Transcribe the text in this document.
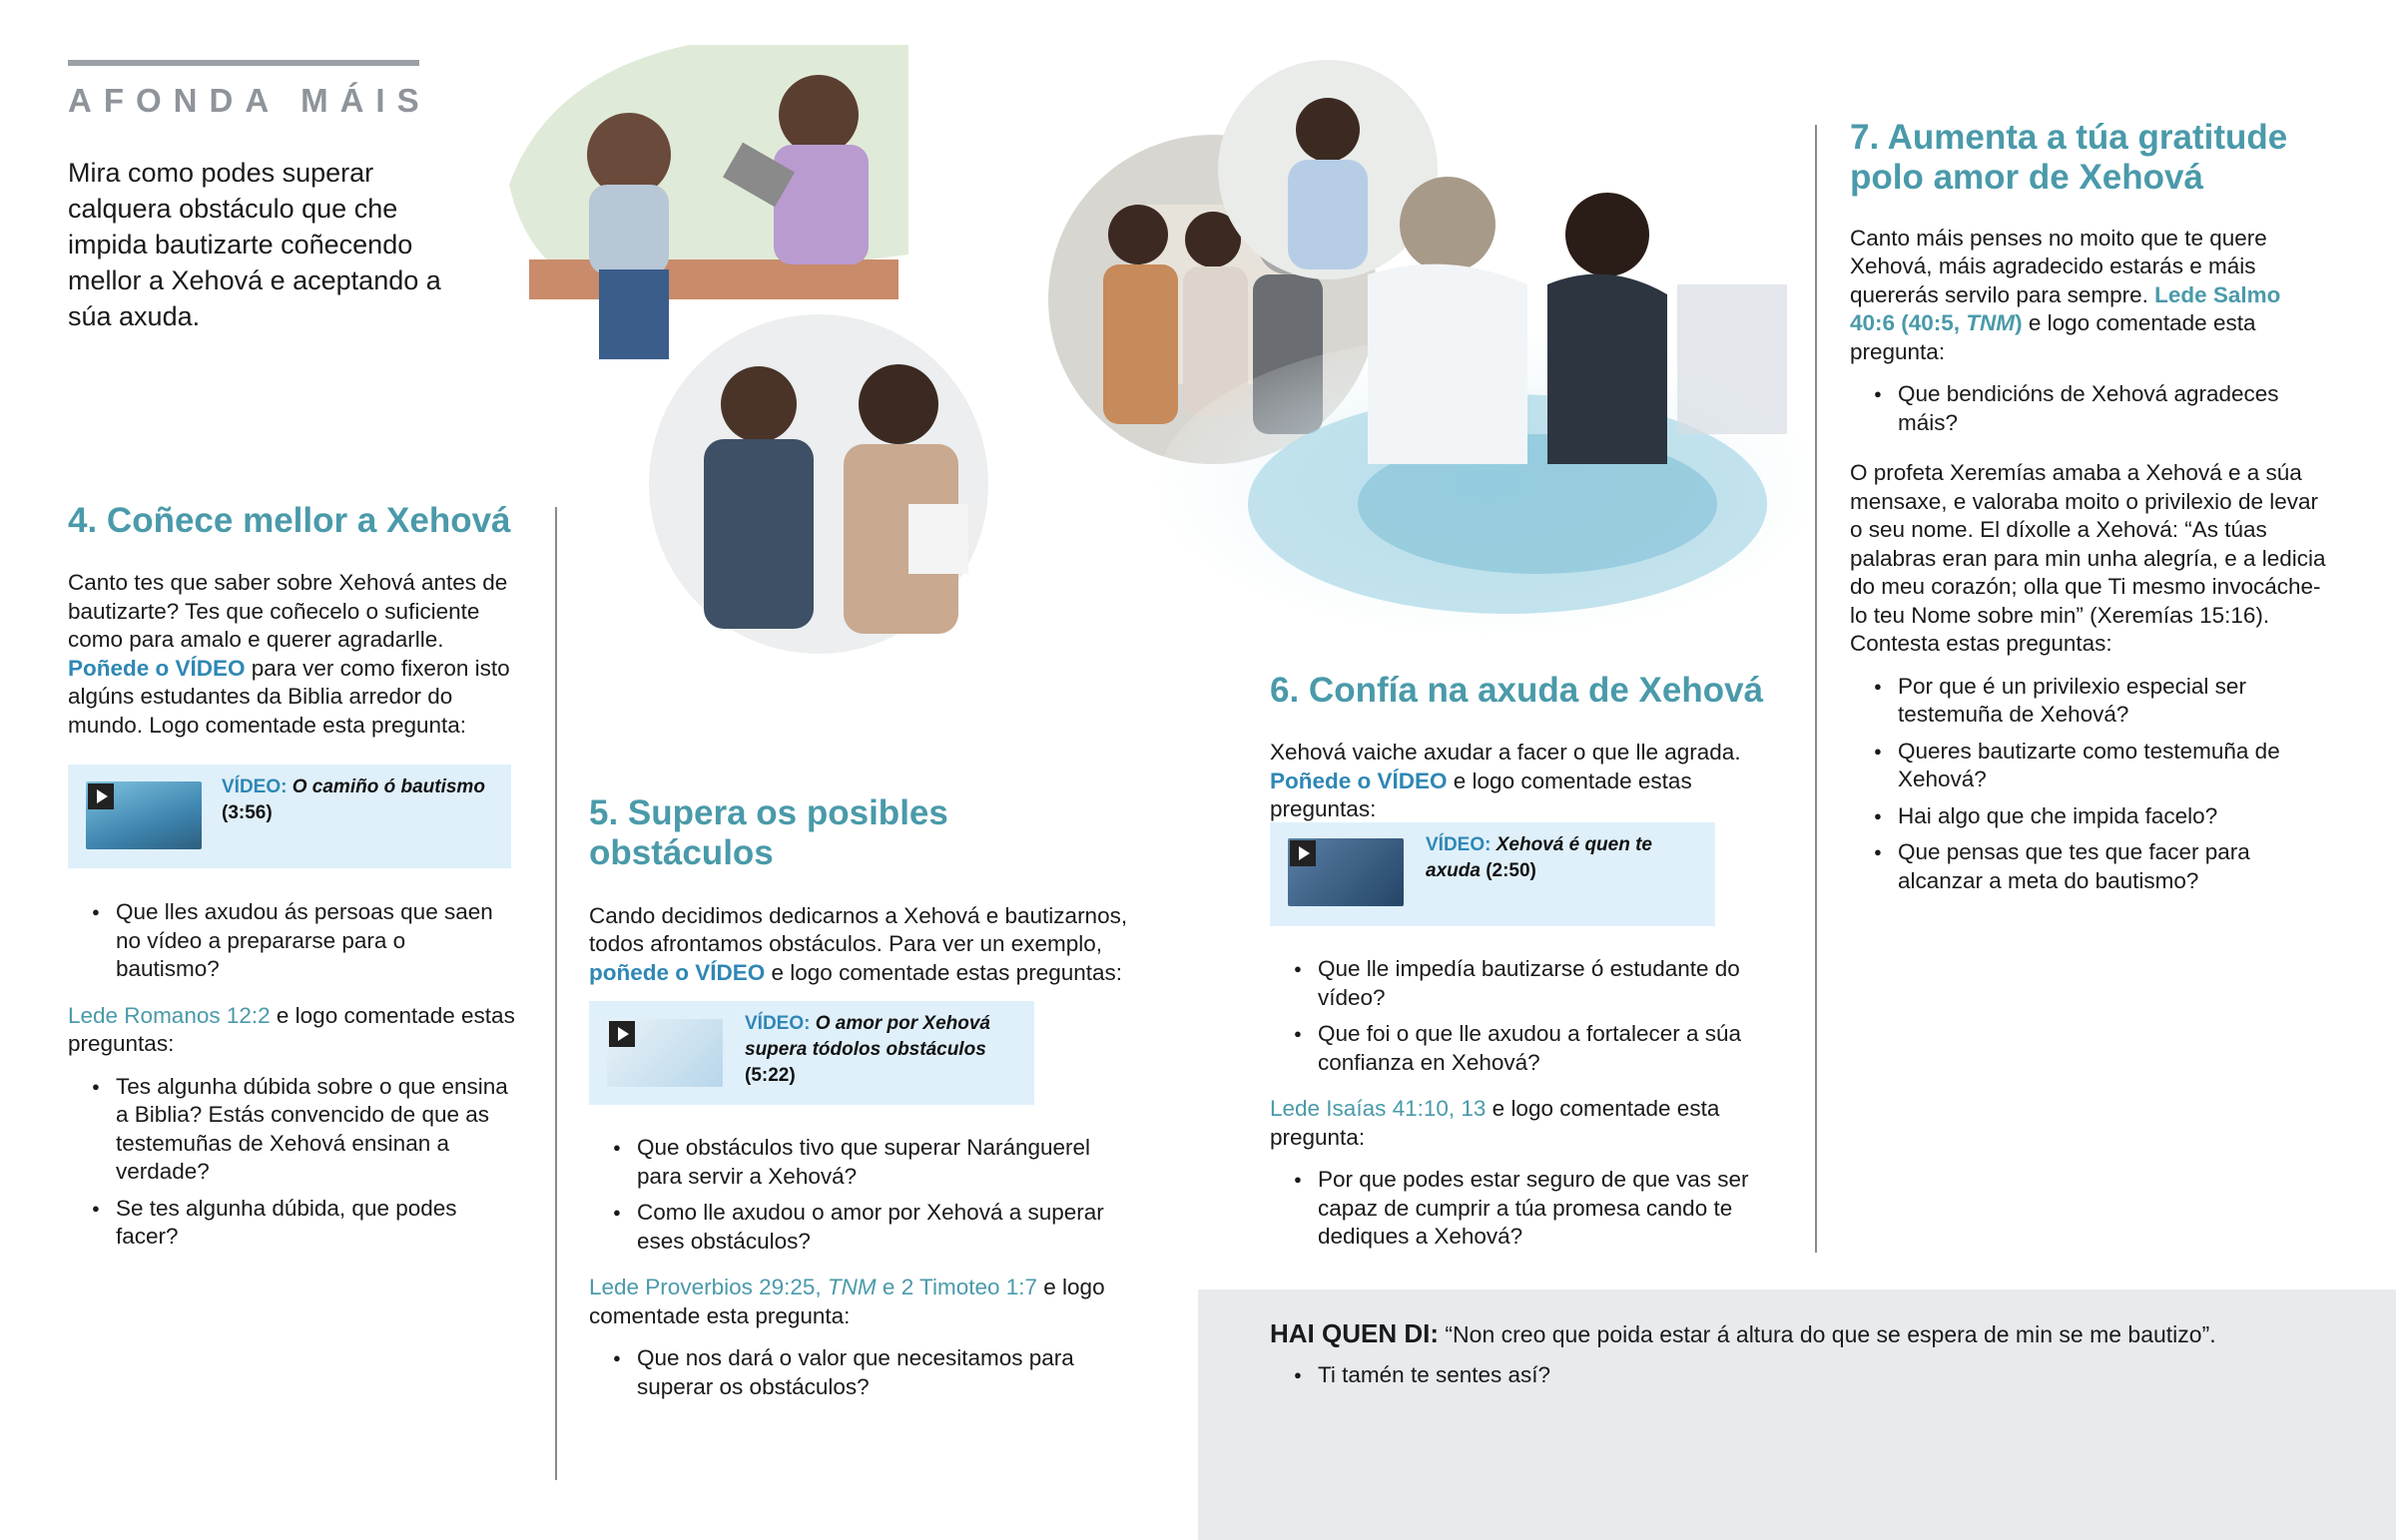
AFONDA MÁIS

Mira como podes superar calquera obstáculo que che impida bautizarte coñecendo mellor a Xehová e aceptando a súa axuda.

4. Coñece mellor a Xehová

Canto tes que saber sobre Xehová antes de bautizarte? Tes que coñecelo o suficiente como para amalo e querer agradarlle. Poñede o VÍDEO para ver como fixeron isto algúns estudantes da Biblia arredor do mundo. Logo comentade esta pregunta:

VÍDEO: O camiño ó bautismo
(3:56)
● Que lles axudou ás persoas que saen no vídeo a prepararse para o bautismo?

Lede Romanos 12:2 e logo comentade estas preguntas:

● Tes algunha dúbida sobre o que ensina a Biblia? Estás convencido de que as testemuñas de Xehová ensinan a verdade?
● Se tes algunha dúbida, que podes facer?
5. Supera os posibles obstáculos

Cando decidimos dedicarnos a Xehová e bautizarnos, todos afrontamos obstáculos. Para ver un exemplo, poñede o VÍDEO e logo comentade estas preguntas:

VÍDEO: O amor por Xehová supera tódolos obstáculos (5:22)
● Que obstáculos tivo que superar Naránguerel para servir a Xehová?
● Como lle axudou o amor por Xehová a superar eses obstáculos?

Lede Proverbios 29:25, TNM e 2 Timoteo 1:7 e logo comentade esta pregunta:

● Que nos dará o valor que necesitamos para superar os obstáculos?
6. Confía na axuda de Xehová

Xehová vaiche axudar a facer o que lle agrada. Poñede o VÍDEO e logo comentade estas preguntas:

VÍDEO: Xehová é quen te axuda (2:50)
● Que lle impedía bautizarse ó estudante do vídeo?
● Que foi o que lle axudou a fortalecer a súa confianza en Xehová?

Lede Isaías 41:10, 13 e logo comentade esta pregunta:

● Por que podes estar seguro de que vas ser capaz de cumprir a túa promesa cando te dediques a Xehová?
7. Aumenta a túa gratitude polo amor de Xehová

Canto máis penses no moito que te quere Xehová, máis agradecido estarás e máis quererás servilo para sempre. Lede Salmo 40:6 (40:5, TNM) e logo comentade esta pregunta:

● Que bendicións de Xehová agradeces máis?

O profeta Xeremías amaba a Xehová e a súa mensaxe, e valoraba moito o privilexio de levar o seu nome. El díxolle a Xehová: “As túas palabras eran para min unha alegría, e a ledicia do meu corazón; olla que Ti mesmo invocáche-lo teu Nome sobre min” (Xeremías 15:16). Contesta estas preguntas:

● Por que é un privilexio especial ser testemuña de Xehová?
● Queres bautizarte como testemuña de Xehová?
● Hai algo que che impida facelo?
● Que pensas que tes que facer para alcanzar a meta do bautismo?

HAI QUEN DI: “Non creo que poida estar á altura do que se espera de min se me bautizo”.

● Ti tamén te sentes así?
